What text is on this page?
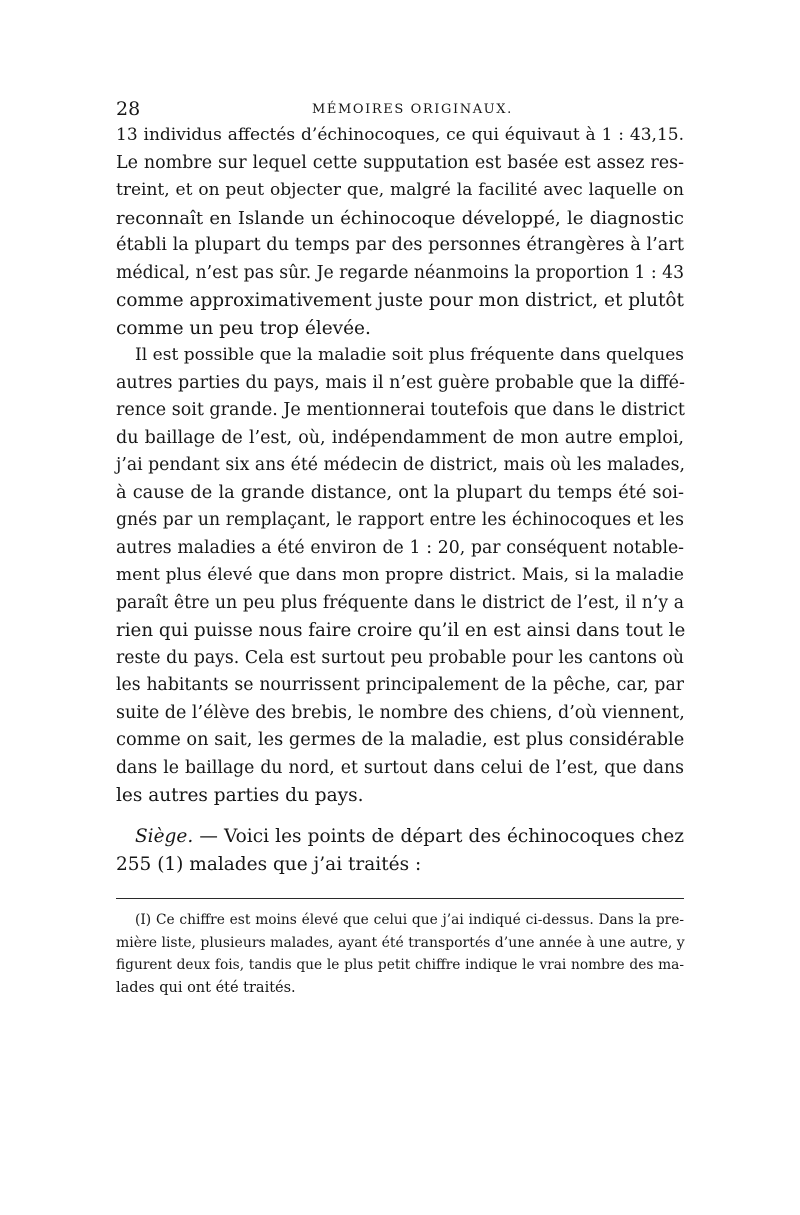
28	MÉMOIRES ORIGINAUX.
13 individus affectés d’échinocoques, ce qui équivaut à 1 : 43,15.
Le nombre sur lequel cette supputation est basée est assez res-
treint, et on peut objecter que, malgré la facilité avec laquelle on
reconnaît en Islande un échinocoque développé, le diagnostic
établi la plupart du temps par des personnes étrangères à l’art
médical, n’est pas sûr. Je regarde néanmoins la proportion 1 : 43
comme approximativement juste pour mon district, et plutôt
comme un peu trop élevée.
Il est possible que la maladie soit plus fréquente dans quelques
autres parties du pays, mais il n’est guère probable que la diffé-
rence soit grande. Je mentionnerai toutefois que dans le district
du baillage de l’est, où, indépendamment de mon autre emploi,
j’ai pendant six ans été médecin de district, mais où les malades,
à cause de la grande distance, ont la plupart du temps été soi-
gnés par un remplaçant, le rapport entre les échinocoques et les
autres maladies a été environ de 1 : 20, par conséquent notable-
ment plus élevé que dans mon propre district. Mais, si la maladie
paraît être un peu plus fréquente dans le district de l’est, il n’y a
rien qui puisse nous faire croire qu’il en est ainsi dans tout le
reste du pays. Cela est surtout peu probable pour les cantons où
les habitants se nourrissent principalement de la pêche, car, par
suite de l’élève des brebis, le nombre des chiens, d’où viennent,
comme on sait, les germes de la maladie, est plus considérable
dans le baillage du nord, et surtout dans celui de l’est, que dans
les autres parties du pays.
Siège. — Voici les points de départ des échinocoques chez
255 (1) malades que j’ai traités :
(I) Ce chiffre est moins élevé que celui que j’ai indiqué ci-dessus. Dans la pre-
mière liste, plusieurs malades, ayant été transportés d’une année à une autre, y
figurent deux fois, tandis que le plus petit chiffre indique le vrai nombre des ma-
lades qui ont été traités.
